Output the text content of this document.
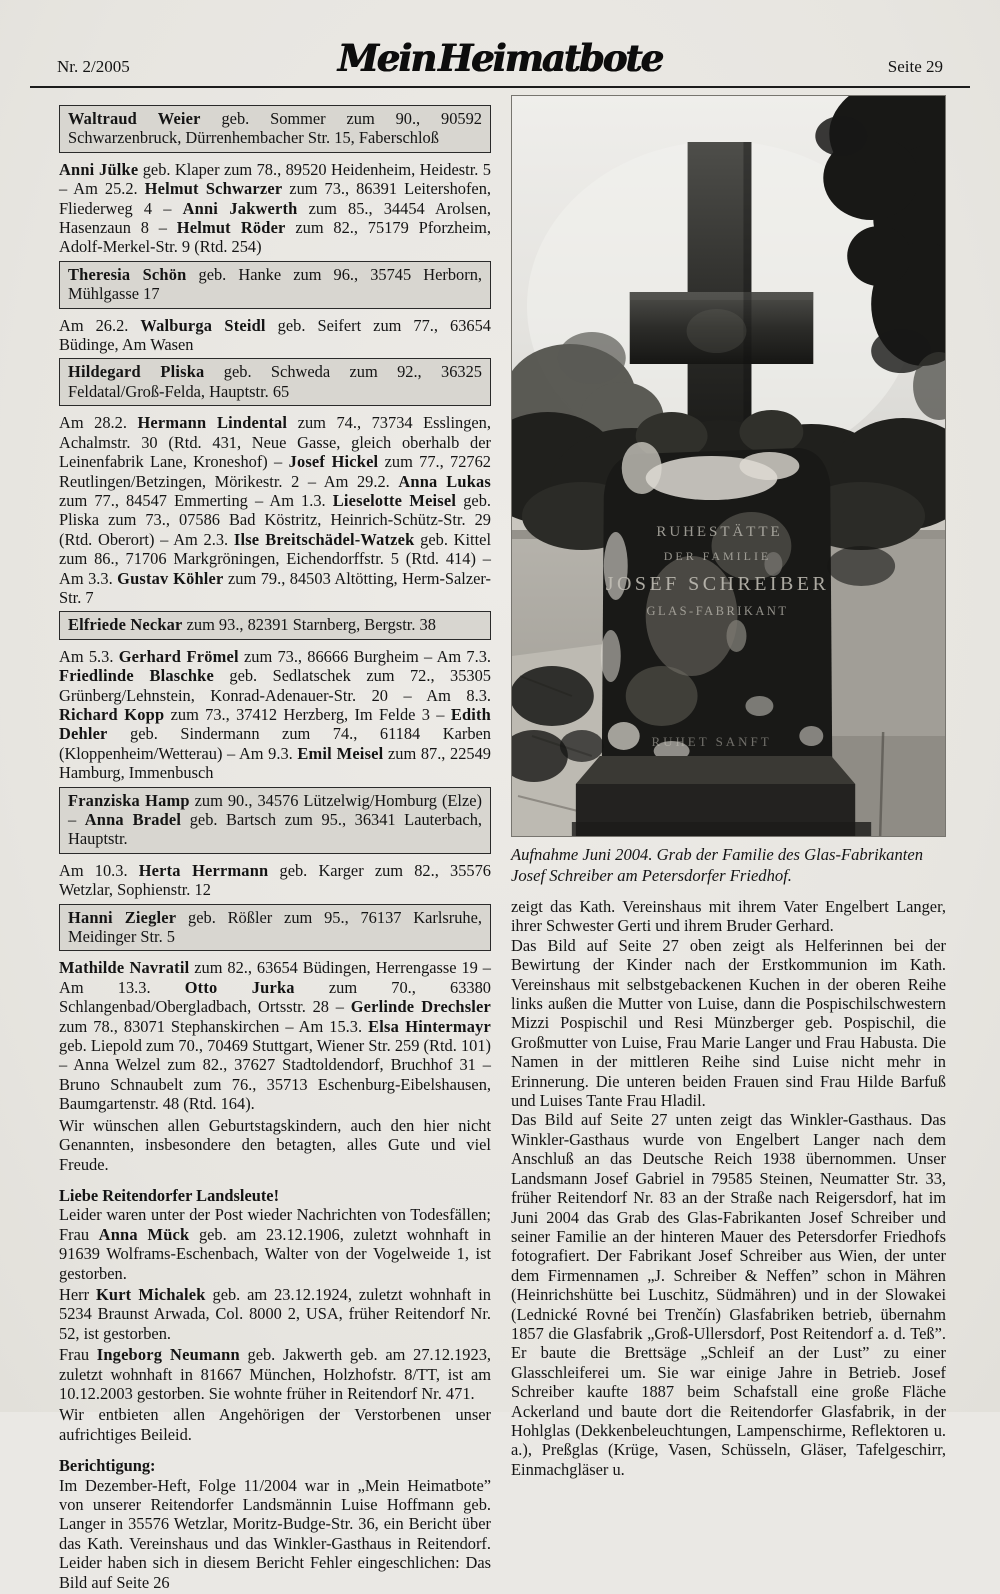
Nr. 2/2005	Mein Heimatbote	Seite 29
Waltraud Weier geb. Sommer zum 90., 90592 Schwarzenbruck, Dürrenhembacher Str. 15, Faberschloß
Anni Jülke geb. Klaper zum 78., 89520 Heidenheim, Heidestr. 5 – Am 25.2. Helmut Schwarzer zum 73., 86391 Leitershofen, Fliederweg 4 – Anni Jakwerth zum 85., 34454 Arolsen, Hasenzaun 8 – Helmut Röder zum 82., 75179 Pforzheim, Adolf-Merkel-Str. 9 (Rtd. 254)
Theresia Schön geb. Hanke zum 96., 35745 Herborn, Mühlgasse 17
Am 26.2. Walburga Steidl geb. Seifert zum 77., 63654 Büdinge, Am Wasen
Hildegard Pliska geb. Schweda zum 92., 36325 Feldatal/Groß-Felda, Hauptstr. 65
Am 28.2. Hermann Lindental zum 74., 73734 Esslingen, Achalmstr. 30 (Rtd. 431, Neue Gasse, gleich oberhalb der Leinenfabrik Lane, Kroneshof) – Josef Hickel zum 77., 72762 Reutlingen/Betzingen, Mörikestr. 2 – Am 29.2. Anna Lukas zum 77., 84547 Emmerting – Am 1.3. Lieselotte Meisel geb. Pliska zum 73., 07586 Bad Köstritz, Heinrich-Schütz-Str. 29 (Rtd. Oberort) – Am 2.3. Ilse Breitschädel-Watzek geb. Kittel zum 86., 71706 Markgröningen, Eichendorffstr. 5 (Rtd. 414) – Am 3.3. Gustav Köhler zum 79., 84503 Altötting, Herm-Salzer-Str. 7
Elfriede Neckar zum 93., 82391 Starnberg, Bergstr. 38
Am 5.3. Gerhard Frömel zum 73., 86666 Burgheim – Am 7.3. Friedlinde Blaschke geb. Sedlatschek zum 72., 35305 Grünberg/Lehnstein, Konrad-Adenauer-Str. 20 – Am 8.3. Richard Kopp zum 73., 37412 Herzberg, Im Felde 3 – Edith Dehler geb. Sindermann zum 74., 61184 Karben (Kloppenheim/Wetterau) – Am 9.3. Emil Meisel zum 87., 22549 Hamburg, Immenbusch
Franziska Hamp zum 90., 34576 Lützelwig/Homburg (Elze) – Anna Bradel geb. Bartsch zum 95., 36341 Lauterbach, Hauptstr.
Am 10.3. Herta Herrmann geb. Karger zum 82., 35576 Wetzlar, Sophienstr. 12
Hanni Ziegler geb. Rößler zum 95., 76137 Karlsruhe, Meidinger Str. 5
Mathilde Navratil zum 82., 63654 Büdingen, Herrengasse 19 – Am 13.3. Otto Jurka zum 70., 63380 Schlangenbad/Obergladbach, Ortsstr. 28 – Gerlinde Drechsler zum 78., 83071 Stephanskirchen – Am 15.3. Elsa Hintermayr geb. Liepold zum 70., 70469 Stuttgart, Wiener Str. 259 (Rtd. 101) – Anna Welzel zum 82., 37627 Stadtoldendorf, Bruchhof 31 – Bruno Schnaubelt zum 76., 35713 Eschenburg-Eibelshausen, Baumgartenstr. 48 (Rtd. 164).
Wir wünschen allen Geburtstagskindern, auch den hier nicht Genannten, insbesondere den betagten, alles Gute und viel Freude.
Liebe Reitendorfer Landsleute!
Leider waren unter der Post wieder Nachrichten von Todesfällen; Frau Anna Mück geb. am 23.12.1906, zuletzt wohnhaft in 91639 Wolframs-Eschenbach, Walter von der Vogelweide 1, ist gestorben.
Herr Kurt Michalek geb. am 23.12.1924, zuletzt wohnhaft in 5234 Braunst Arwada, Col. 8000 2, USA, früher Reitendorf Nr. 52, ist gestorben.
Frau Ingeborg Neumann geb. Jakwerth geb. am 27.12.1923, zuletzt wohnhaft in 81667 München, Holzhofstr. 8/TT, ist am 10.12.2003 gestorben. Sie wohnte früher in Reitendorf Nr. 471.
Wir entbieten allen Angehörigen der Verstorbenen unser aufrichtiges Beileid.
Berichtigung:
Im Dezember-Heft, Folge 11/2004 war in „Mein Heimatbote” von unserer Reitendorfer Landsmännin Luise Hoffmann geb. Langer in 35576 Wetzlar, Moritz-Budge-Str. 36, ein Bericht über das Kath. Vereinshaus und das Winkler-Gasthaus in Reitendorf. Leider haben sich in diesem Bericht Fehler eingeschlichen: Das Bild auf Seite 26
RUHESTÄTTE
DER FAMILIE
JOSEF SCHREIBER
GLAS-FABRIKANT
RUHET SANFT
Aufnahme Juni 2004. Grab der Familie des Glas-Fabrikanten Josef Schreiber am Petersdorfer Friedhof.
zeigt das Kath. Vereinshaus mit ihrem Vater Engelbert Langer, ihrer Schwester Gerti und ihrem Bruder Gerhard.
Das Bild auf Seite 27 oben zeigt als Helferinnen bei der Bewirtung der Kinder nach der Erstkommunion im Kath. Vereinshaus mit selbstgebackenen Kuchen in der oberen Reihe links außen die Mutter von Luise, dann die Pospischilschwestern Mizzi Pospischil und Resi Münzberger geb. Pospischil, die Großmutter von Luise, Frau Marie Langer und Frau Habusta. Die Namen in der mittleren Reihe sind Luise nicht mehr in Erinnerung. Die unteren beiden Frauen sind Frau Hilde Barfuß und Luises Tante Frau Hladil.
Das Bild auf Seite 27 unten zeigt das Winkler-Gasthaus. Das Winkler-Gasthaus wurde von Engelbert Langer nach dem Anschluß an das Deutsche Reich 1938 übernommen. Unser Landsmann Josef Gabriel in 79585 Steinen, Neumatter Str. 33, früher Reitendorf Nr. 83 an der Straße nach Reigersdorf, hat im Juni 2004 das Grab des Glas-Fabrikanten Josef Schreiber und seiner Familie an der hinteren Mauer des Petersdorfer Friedhofs fotografiert. Der Fabrikant Josef Schreiber aus Wien, der unter dem Firmennamen „J. Schreiber & Neffen” schon in Mähren (Heinrichshütte bei Luschitz, Südmähren) und in der Slowakei (Lednické Rovné bei Trenčín) Glasfabriken betrieb, übernahm 1857 die Glasfabrik „Groß-Ullersdorf, Post Reitendorf a. d. Teß”. Er baute die Brettsäge „Schleif an der Lust” zu einer Glasschleiferei um. Sie war einige Jahre in Betrieb. Josef Schreiber kaufte 1887 beim Schafstall eine große Fläche Ackerland und baute dort die Reitendorfer Glasfabrik, in der Hohlglas (Dekkenbeleuchtungen, Lampenschirme, Reflektoren u. a.), Preßglas (Krüge, Vasen, Schüsseln, Gläser, Tafelgeschirr, Einmachgläser u.
